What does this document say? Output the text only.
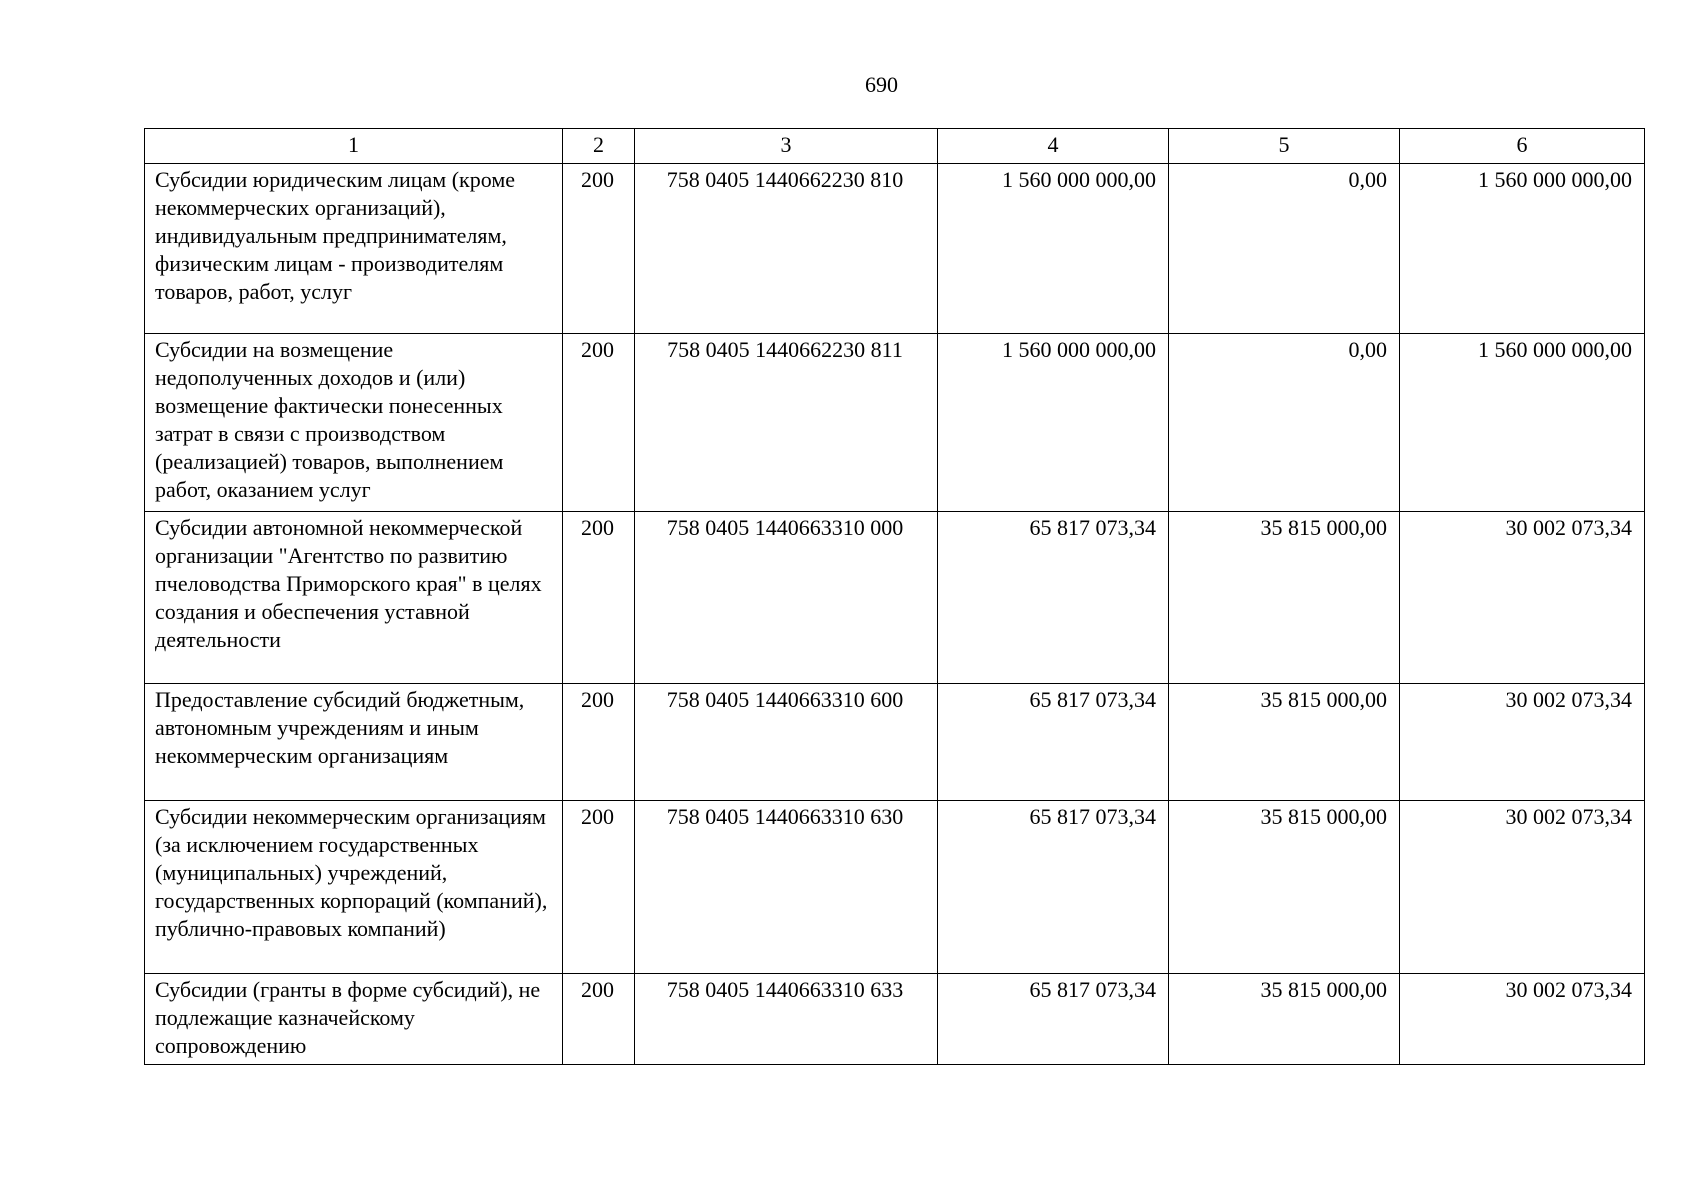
690
1	2	3	4	5	6
Субсидии юридическим лицам (кроме некоммерческих организаций), индивидуальным предпринимателям, физическим лицам - производителям товаров, работ, услуг	200	758 0405 1440662230 810	1 560 000 000,00	0,00	1 560 000 000,00
Субсидии на возмещение недополученных доходов и (или) возмещение фактически понесенных затрат в связи с производством (реализацией) товаров, выполнением работ, оказанием услуг	200	758 0405 1440662230 811	1 560 000 000,00	0,00	1 560 000 000,00
Субсидии автономной некоммерческой организации "Агентство по развитию пчеловодства Приморского края" в целях создания и обеспечения уставной деятельности	200	758 0405 1440663310 000	65 817 073,34	35 815 000,00	30 002 073,34
Предоставление субсидий бюджетным, автономным учреждениям и иным некоммерческим организациям	200	758 0405 1440663310 600	65 817 073,34	35 815 000,00	30 002 073,34
Субсидии некоммерческим организациям (за исключением государственных (муниципальных) учреждений, государственных корпораций (компаний), публично-правовых компаний)	200	758 0405 1440663310 630	65 817 073,34	35 815 000,00	30 002 073,34
Субсидии (гранты в форме субсидий), не подлежащие казначейскому сопровождению	200	758 0405 1440663310 633	65 817 073,34	35 815 000,00	30 002 073,34
